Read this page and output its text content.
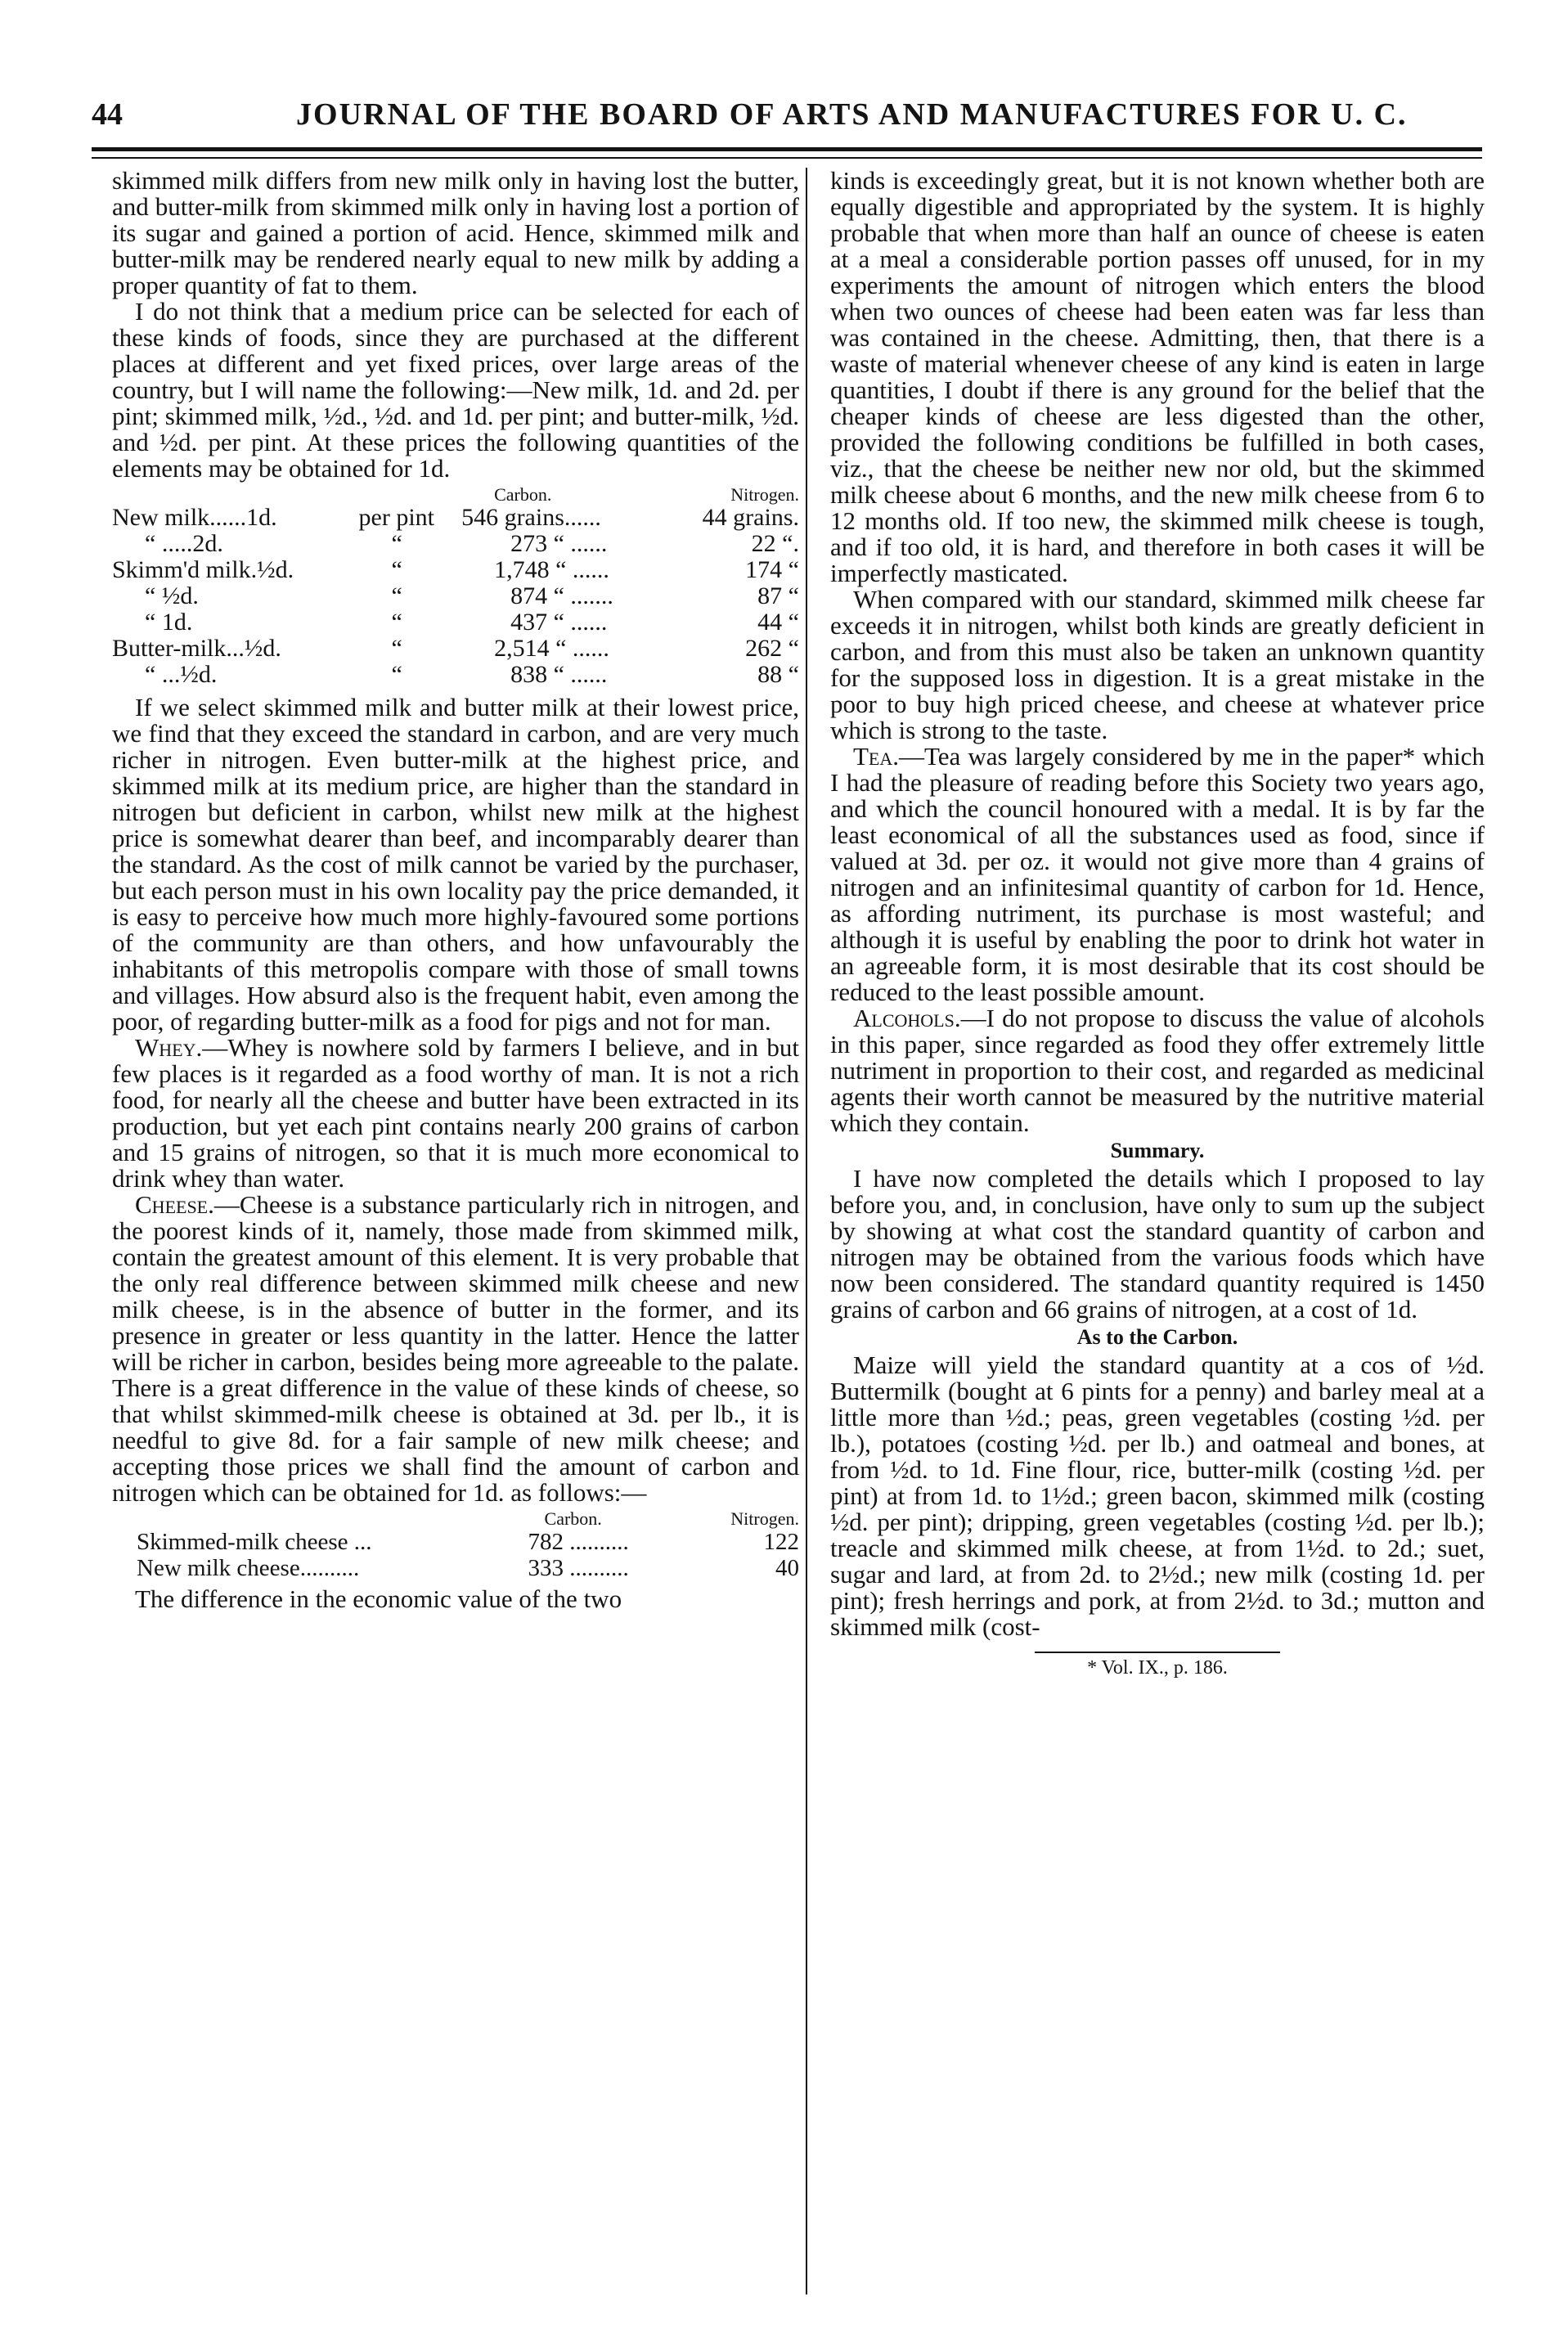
44	JOURNAL OF THE BOARD OF ARTS AND MANUFACTURES FOR U. C.

skimmed milk differs from new milk only in having lost the butter, and butter-milk from skimmed milk only in having lost a portion of its sugar and gained a portion of acid. Hence, skimmed milk and butter-milk may be rendered nearly equal to new milk by adding a proper quantity of fat to them.

I do not think that a medium price can be selected for each of these kinds of foods, since they are purchased at the different places at different and yet fixed prices, over large areas of the country, but I will name the following:—New milk, 1d. and 2d. per pint; skimmed milk, ½d., ½d. and 1d. per pint; and butter-milk, ½d. and ½d. per pint. At these prices the following quantities of the elements may be obtained for 1d.

		Carbon.	Nitrogen.
New milk......1d.	per pint	546 grains......	44 grains.
“ .....2d.	“	273 “ ......	22 “.
Skimm'd milk.½d.	“	1,748 “ ......	174 “
“ ½d.	“	874 “ .......	87 “
“ 1d.	“	437 “ ......	44 “
Butter-milk...½d.	“	2,514 “ ......	262 “
“ ...½d.	“	838 “ ......	88 “

If we select skimmed milk and butter milk at their lowest price, we find that they exceed the standard in carbon, and are very much richer in nitrogen. Even butter-milk at the highest price, and skimmed milk at its medium price, are higher than the standard in nitrogen but deficient in carbon, whilst new milk at the highest price is somewhat dearer than beef, and incomparably dearer than the standard. As the cost of milk cannot be varied by the purchaser, but each person must in his own locality pay the price demanded, it is easy to perceive how much more highly-favoured some portions of the community are than others, and how unfavourably the inhabitants of this metropolis compare with those of small towns and villages. How absurd also is the frequent habit, even among the poor, of regarding butter-milk as a food for pigs and not for man.

Whey.—Whey is nowhere sold by farmers I believe, and in but few places is it regarded as a food worthy of man. It is not a rich food, for nearly all the cheese and butter have been extracted in its production, but yet each pint contains nearly 200 grains of carbon and 15 grains of nitrogen, so that it is much more economical to drink whey than water.

Cheese.—Cheese is a substance particularly rich in nitrogen, and the poorest kinds of it, namely, those made from skimmed milk, contain the greatest amount of this element. It is very probable that the only real difference between skimmed milk cheese and new milk cheese, is in the absence of butter in the former, and its presence in greater or less quantity in the latter. Hence the latter will be richer in carbon, besides being more agreeable to the palate. There is a great difference in the value of these kinds of cheese, so that whilst skimmed-milk cheese is obtained at 3d. per lb., it is needful to give 8d. for a fair sample of new milk cheese; and accepting those prices we shall find the amount of carbon and nitrogen which can be obtained for 1d. as follows:—

	Carbon.	Nitrogen.
Skimmed-milk cheese ...	782 ..........	122
New milk cheese..........	333 ..........	40

The difference in the economic value of the two

kinds is exceedingly great, but it is not known whether both are equally digestible and appropriated by the system. It is highly probable that when more than half an ounce of cheese is eaten at a meal a considerable portion passes off unused, for in my experiments the amount of nitrogen which enters the blood when two ounces of cheese had been eaten was far less than was contained in the cheese. Admitting, then, that there is a waste of material whenever cheese of any kind is eaten in large quantities, I doubt if there is any ground for the belief that the cheaper kinds of cheese are less digested than the other, provided the following conditions be fulfilled in both cases, viz., that the cheese be neither new nor old, but the skimmed milk cheese about 6 months, and the new milk cheese from 6 to 12 months old. If too new, the skimmed milk cheese is tough, and if too old, it is hard, and therefore in both cases it will be imperfectly masticated.

When compared with our standard, skimmed milk cheese far exceeds it in nitrogen, whilst both kinds are greatly deficient in carbon, and from this must also be taken an unknown quantity for the supposed loss in digestion. It is a great mistake in the poor to buy high priced cheese, and cheese at whatever price which is strong to the taste.

Tea.—Tea was largely considered by me in the paper* which I had the pleasure of reading before this Society two years ago, and which the council honoured with a medal. It is by far the least economical of all the substances used as food, since if valued at 3d. per oz. it would not give more than 4 grains of nitrogen and an infinitesimal quantity of carbon for 1d. Hence, as affording nutriment, its purchase is most wasteful; and although it is useful by enabling the poor to drink hot water in an agreeable form, it is most desirable that its cost should be reduced to the least possible amount.

Alcohols.—I do not propose to discuss the value of alcohols in this paper, since regarded as food they offer extremely little nutriment in proportion to their cost, and regarded as medicinal agents their worth cannot be measured by the nutritive material which they contain.

Summary.

I have now completed the details which I proposed to lay before you, and, in conclusion, have only to sum up the subject by showing at what cost the standard quantity of carbon and nitrogen may be obtained from the various foods which have now been considered. The standard quantity required is 1450 grains of carbon and 66 grains of nitrogen, at a cost of 1d.

As to the Carbon.

Maize will yield the standard quantity at a cos of ½d. Buttermilk (bought at 6 pints for a penny) and barley meal at a little more than ½d.; peas, green vegetables (costing ½d. per lb.), potatoes (costing ½d. per lb.) and oatmeal and bones, at from ½d. to 1d. Fine flour, rice, butter-milk (costing ½d. per pint) at from 1d. to 1½d.; green bacon, skimmed milk (costing ½d. per pint); dripping, green vegetables (costing ½d. per lb.); treacle and skimmed milk cheese, at from 1½d. to 2d.; suet, sugar and lard, at from 2d. to 2½d.; new milk (costing 1d. per pint); fresh herrings and pork, at from 2½d. to 3d.; mutton and skimmed milk (cost-

* Vol. IX., p. 186.
